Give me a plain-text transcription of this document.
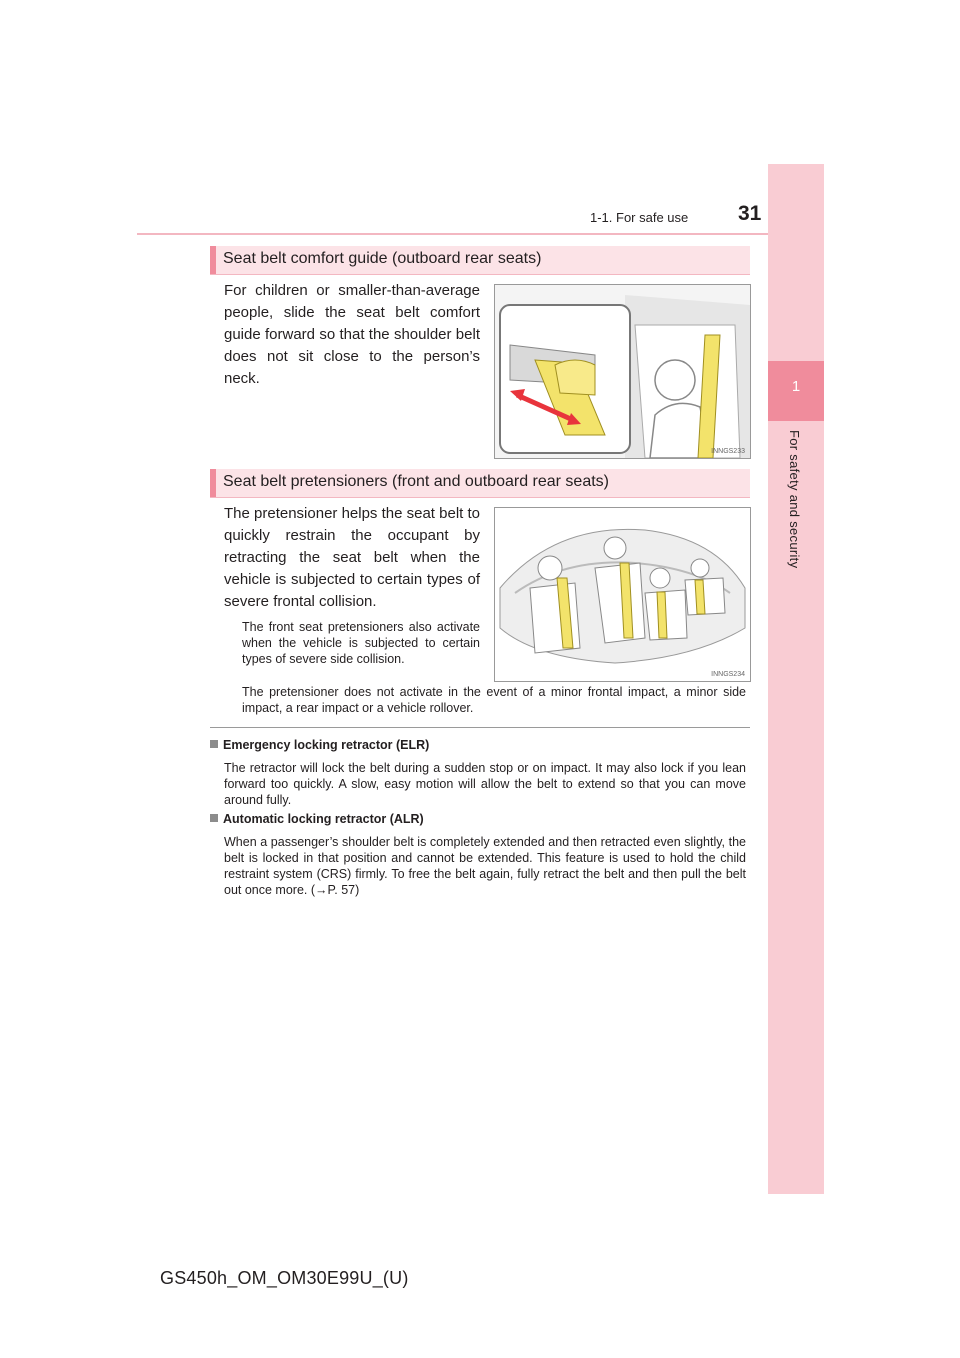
1
For safety and security
1-1. For safe use 31
Seat belt comfort guide (outboard rear seats)
For children or smaller-than-average people, slide the seat belt comfort guide forward so that the shoulder belt does not sit close to the person’s neck.
INNGS233
Seat belt pretensioners (front and outboard rear seats)
The pretensioner helps the seat belt to quickly restrain the occupant by retracting the seat belt when the vehicle is subjected to certain types of severe frontal collision.
The front seat pretensioners also activate when the vehicle is subjected to certain types of severe side collision.
The pretensioner does not activate in the event of a minor frontal impact, a minor side impact, a rear impact or a vehicle rollover.
INNGS234
Emergency locking retractor (ELR)
The retractor will lock the belt during a sudden stop or on impact. It may also lock if you lean forward too quickly. A slow, easy motion will allow the belt to extend so that you can move around fully.
Automatic locking retractor (ALR)
When a passenger’s shoulder belt is completely extended and then retracted even slightly, the belt is locked in that position and cannot be extended. This feature is used to hold the child restraint system (CRS) firmly. To free the belt again, fully retract the belt and then pull the belt out once more. (→P. 57)
GS450h_OM_OM30E99U_(U)
